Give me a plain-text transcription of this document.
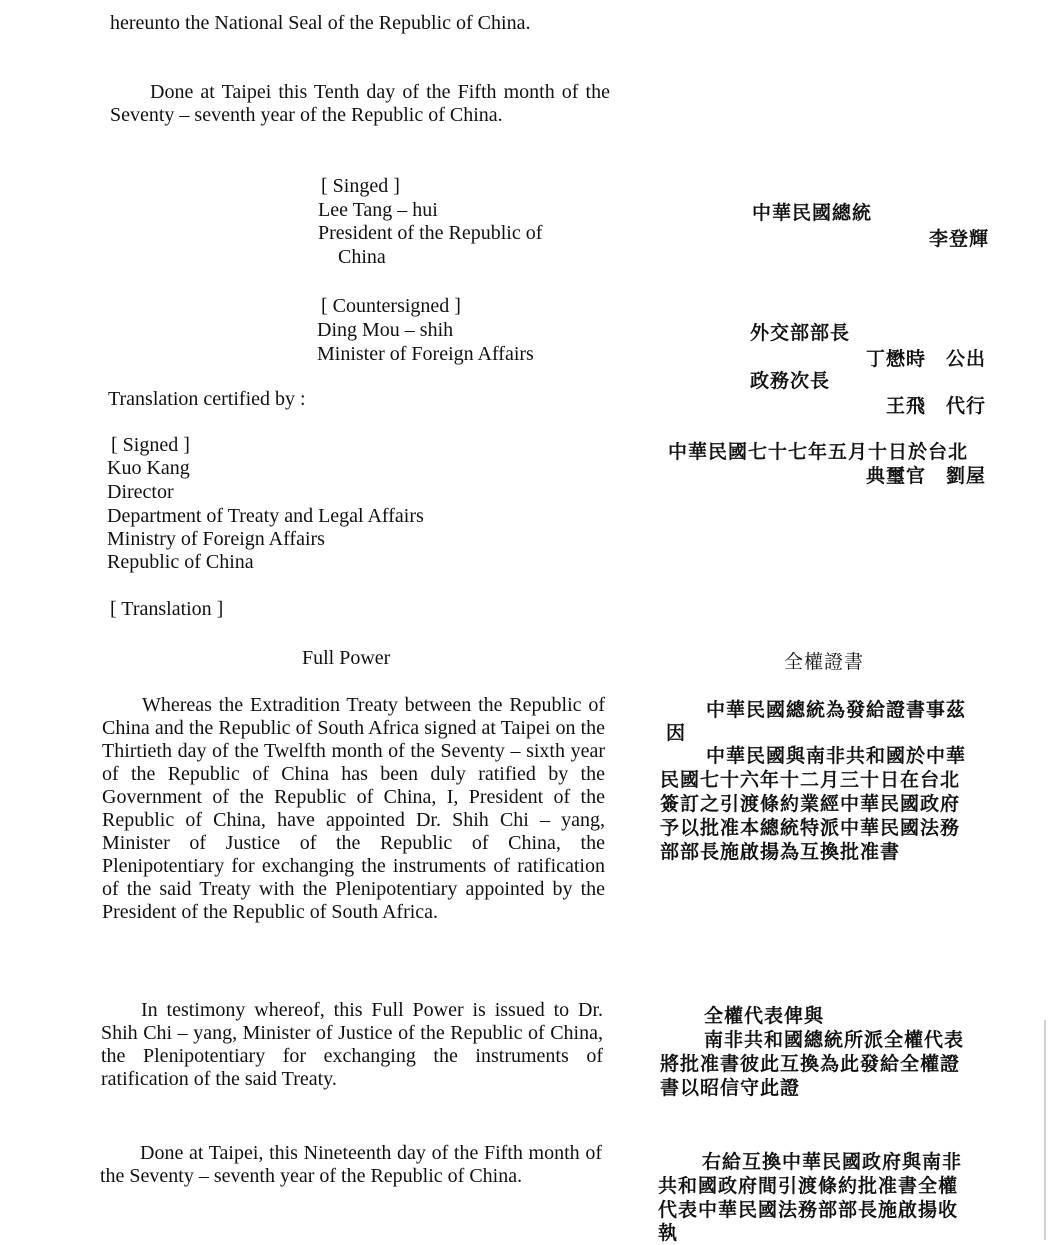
hereunto the National Seal of the Republic of China.
Done at Taipei this Tenth day of the Fifth month of the Seventy – seventh year of the Republic of China.
[ Singed ]
Lee Tang – hui
President of the Republic of
China
[ Countersigned ]
Ding Mou – shih
Minister of Foreign Affairs
Translation certified by :
[ Signed ]
Kuo Kang
Director
Department of Treaty and Legal Affairs
Ministry of Foreign Affairs
Republic of China
[ Translation ]
Full Power
Whereas the Extradition Treaty between the Republic of China and the Republic of South Africa signed at Taipei on the Thirtieth day of the Twelfth month of the Seventy – sixth year of the Republic of China has been duly ratified by the Government of the Republic of China, I, President of the Republic of China, have appointed Dr. Shih Chi – yang, Minister of Justice of the Republic of China, the Plenipotentiary for exchanging the instruments of ratification of the said Treaty with the Plenipotentiary appointed by the President of the Republic of South Africa.
In testimony whereof, this Full Power is issued to Dr. Shih Chi – yang, Minister of Justice of the Republic of China, the Plenipotentiary for exchanging the instruments of ratification of the said Treaty.
Done at Taipei, this Nineteenth day of the Fifth month of the Seventy – seventh year of the Republic of China.
中華民國總統
李登輝
外交部部長
丁懋時　公出
政務次長
王飛　代行
中華民國七十七年五月十日於台北
典璽官　劉屋
全權證書
中華民國總統為發給證書事茲
因
中華民國與南非共和國於中華
民國七十六年十二月三十日在台北
簽訂之引渡條約業經中華民國政府
予以批准本總統特派中華民國法務
部部長施啟揚為互換批准書
全權代表俾與
南非共和國總統所派全權代表
將批准書彼此互換為此發給全權證
書以昭信守此證
右給互換中華民國政府與南非
共和國政府間引渡條約批准書全權
代表中華民國法務部部長施啟揚收
執
